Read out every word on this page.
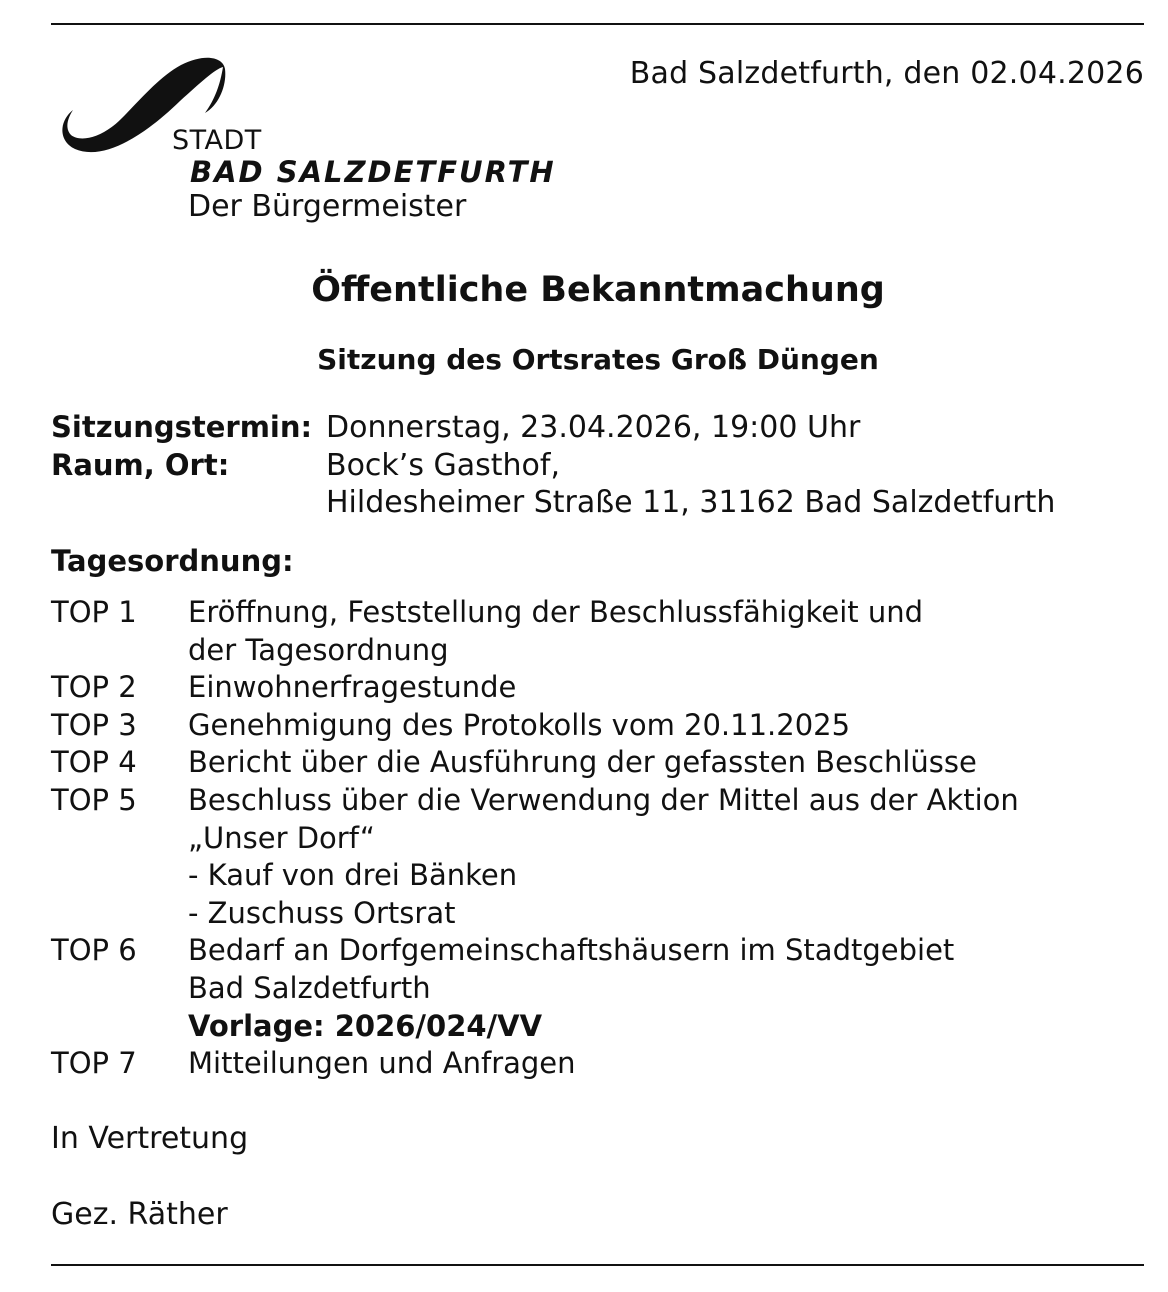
Bad Salzdetfurth, den 02.04.2026
STADT
BAD SALZDETFURTH
Der Bürgermeister
Öffentliche Bekanntmachung
Sitzung des Ortsrates Groß Düngen
Sitzungstermin: Donnerstag, 23.04.2026, 19:00 Uhr
Raum, Ort:	Bock’s Gasthof,
Hildesheimer Straße 11, 31162 Bad Salzdetfurth
Tagesordnung:
TOP 1	Eröffnung, Feststellung der Beschlussfähigkeit und
der Tagesordnung
TOP 2	Einwohnerfragestunde
TOP 3	Genehmigung des Protokolls vom 20.11.2025
TOP 4	Bericht über die Ausführung der gefassten Beschlüsse
TOP 5	Beschluss über die Verwendung der Mittel aus der Aktion
„Unser Dorf“
- Kauf von drei Bänken
- Zuschuss Ortsrat
TOP 6	Bedarf an Dorfgemeinschaftshäusern im Stadtgebiet
Bad Salzdetfurth
Vorlage: 2026/024/VV
TOP 7	Mitteilungen und Anfragen
In Vertretung
Gez. Räther
